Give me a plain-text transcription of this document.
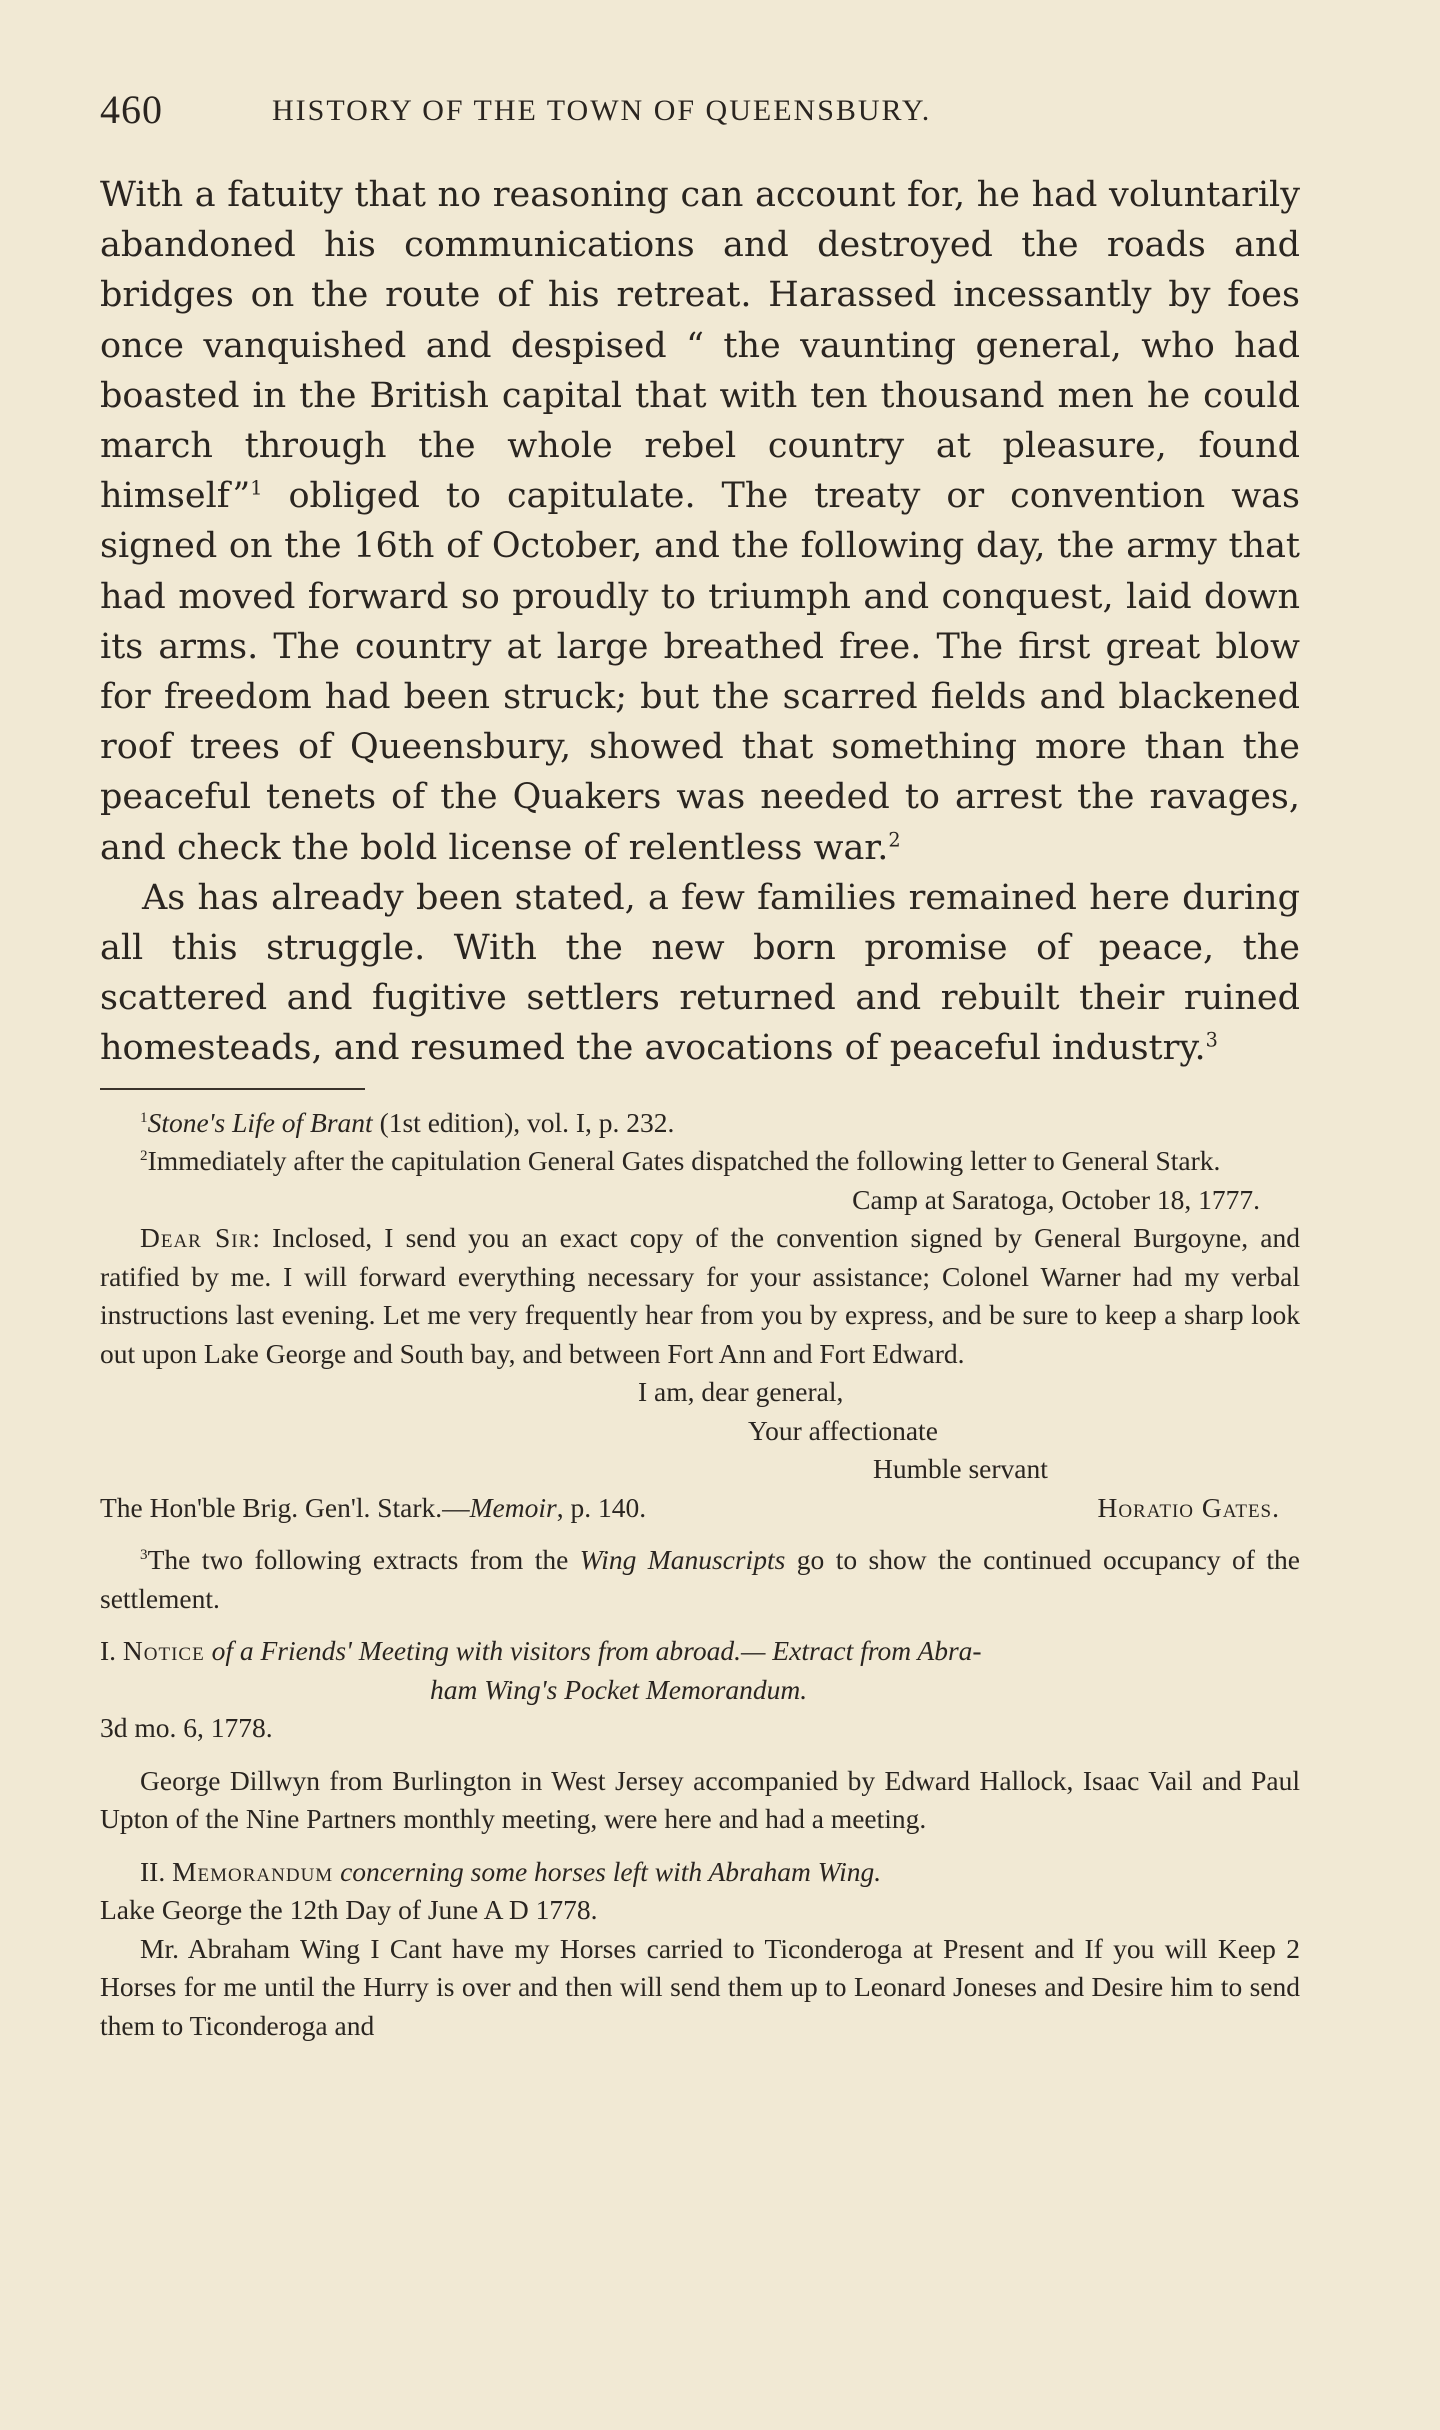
460	HISTORY OF THE TOWN OF QUEENSBURY.

With a fatuity that no reasoning can account for, he had voluntarily abandoned his communications and destroyed the roads and bridges on the route of his retreat. Harassed incessantly by foes once vanquished and despised “ the vaunting general, who had boasted in the British capital that with ten thousand men he could march through the whole rebel country at pleasure, found himself”$^1$ obliged to capitulate. The treaty or convention was signed on the 16th of October, and the following day, the army that had moved forward so proudly to triumph and conquest, laid down its arms. The country at large breathed free. The first great blow for freedom had been struck; but the scarred fields and blackened roof trees of Queensbury, showed that something more than the peaceful tenets of the Quakers was needed to arrest the ravages, and check the bold license of relentless war.$^2$

As has already been stated, a few families remained here during all this struggle. With the new born promise of peace, the scattered and fugitive settlers returned and rebuilt their ruined homesteads, and resumed the avocations of peaceful industry.$^3$

$^1$Stone's Life of Brant (1st edition), vol. I, p. 232.

$^2$Immediately after the capitulation General Gates dispatched the following letter to General Stark.

Camp at Saratoga, October 18, 1777.

Dear Sir: Inclosed, I send you an exact copy of the convention signed by General Burgoyne, and ratified by me. I will forward everything necessary for your assistance; Colonel Warner had my verbal instructions last evening. Let me very frequently hear from you by express, and be sure to keep a sharp look out upon Lake George and South bay, and between Fort Ann and Fort Edward.

I am, dear general,

Your affectionate

Humble servant

The Hon'ble Brig. Gen'l. Stark.—Memoir, p. 140.	Horatio Gates.

$^3$The two following extracts from the Wing Manuscripts go to show the continued occupancy of the settlement.

I. Notice of a Friends' Meeting with visitors from abroad.— Extract from Abra-

ham Wing's Pocket Memorandum.

3d mo. 6, 1778.

George Dillwyn from Burlington in West Jersey accompanied by Edward Hallock, Isaac Vail and Paul Upton of the Nine Partners monthly meeting, were here and had a meeting.

II. Memorandum concerning some horses left with Abraham Wing.

Lake George the 12th Day of June A D 1778.

Mr. Abraham Wing I Cant have my Horses carried to Ticonderoga at Present and If you will Keep 2 Horses for me until the Hurry is over and then will send them up to Leonard Joneses and Desire him to send them to Ticonderoga and
